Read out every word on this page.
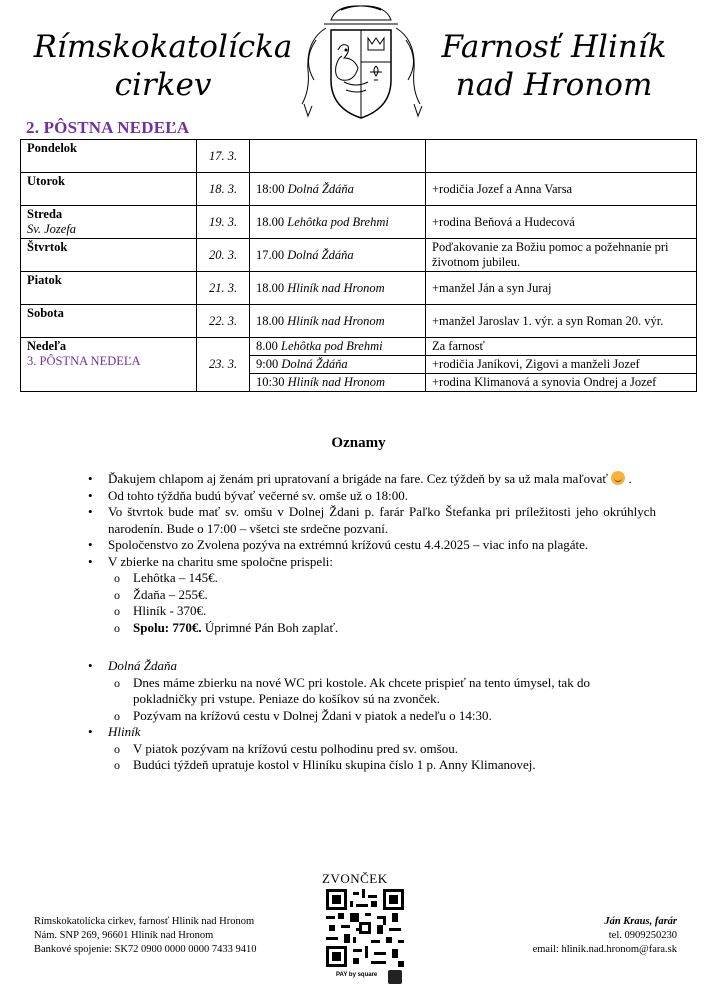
Rímskokatolícka
cirkev
Farnosť Hliník
nad Hronom
2. PÔSTNA NEDEĽA
Pondelok	17. 3.		
Utorok	18. 3.	18:00 Dolná Ždáňa	+rodičia Jozef a Anna Varsa

Streda
Sv. Jozefa	19. 3.	18.00 Lehôtka pod Brehmi	+rodina Beňová a Hudecová
Štvrtok	20. 3.	17.00 Dolná Ždáňa	Poďakovanie za Božiu pomoc a požehnanie pri životnom jubileu.
Piatok	21. 3.	18.00 Hliník nad Hronom	+manžel Ján a syn Juraj
Sobota	22. 3.	18.00 Hliník nad Hronom	+manžel Jaroslav 1. výr. a syn Roman 20. výr.

Nedeľa
3. PÔSTNA NEDEĽA	23. 3.	8.00 Lehôtka pod Brehmi	Za farnosť
		9:00 Dolná Ždáňa	+rodičia Janíkovi, Zigovi a manželi Jozef
		10:30 Hliník nad Hronom	+rodina Klimanová a synovia Ondrej a Jozef
Oznamy
• Ďakujem chlapom aj ženám pri upratovaní a brigáde na fare. Cez týždeň by sa už mala maľovať  .
• Od tohto týždňa budú bývať večerné sv. omše už o 18:00.
• Vo štvrtok bude mať sv. omšu v Dolnej Ždani p. farár Paľko Štefanka pri príležitosti jeho okrúhlych narodenín. Bude o 17:00 – všetci ste srdečne pozvaní.
• Spoločenstvo zo Zvolena pozýva na extrémnú krížovú cestu 4.4.2025 – viac info na plagáte.
• V zbierke na charitu sme spoločne prispeli:
o Lehôtka – 145€.
o Ždaňa – 255€.
o Hliník - 370€.
o Spolu: 770€. Úprimné Pán Boh zaplať.
• Dolná Ždaňa
o Dnes máme zbierku na nové WC pri kostole. Ak chcete prispieť na tento úmysel, tak do pokladničky pri vstupe. Peniaze do košíkov sú na zvonček.
o Pozývam na krížovú cestu v Dolnej Ždani v piatok a nedeľu o 14:30.
• Hliník
o V piatok pozývam na krížovú cestu polhodinu pred sv. omšou.
o Budúci týždeň upratuje kostol v Hliníku skupina číslo 1 p. Anny Klimanovej.
Rímskokatolícka cirkev, farnosť Hliník nad Hronom
Nám. SNP 269, 96601 Hliník nad Hronom
Bankové spojenie: SK72 0900 0000 0000 7433 9410
ZVONČEK
PAY by square
Ján Kraus, farár
tel. 0909250230
email: hlinik.nad.hronom@fara.sk
